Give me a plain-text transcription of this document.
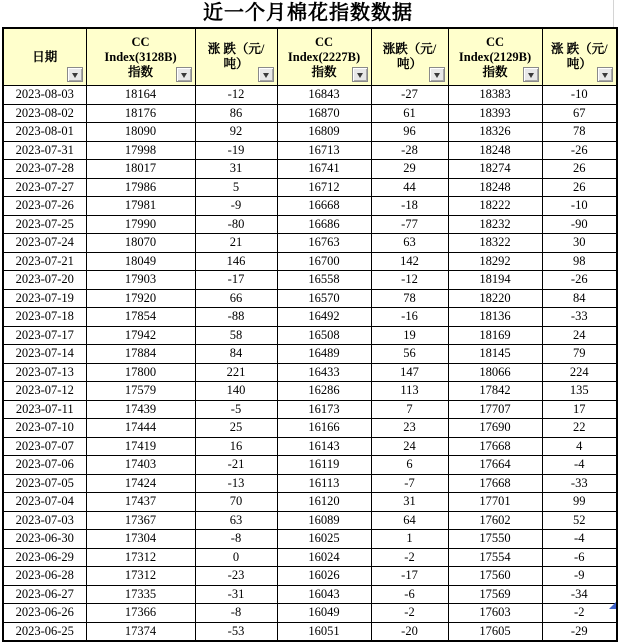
近一个月棉花指数数据
日期

CC
Index(3128B)
指数

涨 跌（元/
吨）

CC
Index(2227B)
指数

涨跌（元/
吨）

CC
Index(2129B)
指数

涨 跌（元/
吨）

2023-08-03	18164	-12	16843	-27	18383	-10
2023-08-02	18176	86	16870	61	18393	67
2023-08-01	18090	92	16809	96	18326	78
2023-07-31	17998	-19	16713	-28	18248	-26
2023-07-28	18017	31	16741	29	18274	26
2023-07-27	17986	5	16712	44	18248	26
2023-07-26	17981	-9	16668	-18	18222	-10
2023-07-25	17990	-80	16686	-77	18232	-90
2023-07-24	18070	21	16763	63	18322	30
2023-07-21	18049	146	16700	142	18292	98
2023-07-20	17903	-17	16558	-12	18194	-26
2023-07-19	17920	66	16570	78	18220	84
2023-07-18	17854	-88	16492	-16	18136	-33
2023-07-17	17942	58	16508	19	18169	24
2023-07-14	17884	84	16489	56	18145	79
2023-07-13	17800	221	16433	147	18066	224
2023-07-12	17579	140	16286	113	17842	135
2023-07-11	17439	-5	16173	7	17707	17
2023-07-10	17444	25	16166	23	17690	22
2023-07-07	17419	16	16143	24	17668	4
2023-07-06	17403	-21	16119	6	17664	-4
2023-07-05	17424	-13	16113	-7	17668	-33
2023-07-04	17437	70	16120	31	17701	99
2023-07-03	17367	63	16089	64	17602	52
2023-06-30	17304	-8	16025	1	17550	-4
2023-06-29	17312	0	16024	-2	17554	-6
2023-06-28	17312	-23	16026	-17	17560	-9
2023-06-27	17335	-31	16043	-6	17569	-34
2023-06-26	17366	-8	16049	-2	17603	-2
2023-06-25	17374	-53	16051	-20	17605	-29
